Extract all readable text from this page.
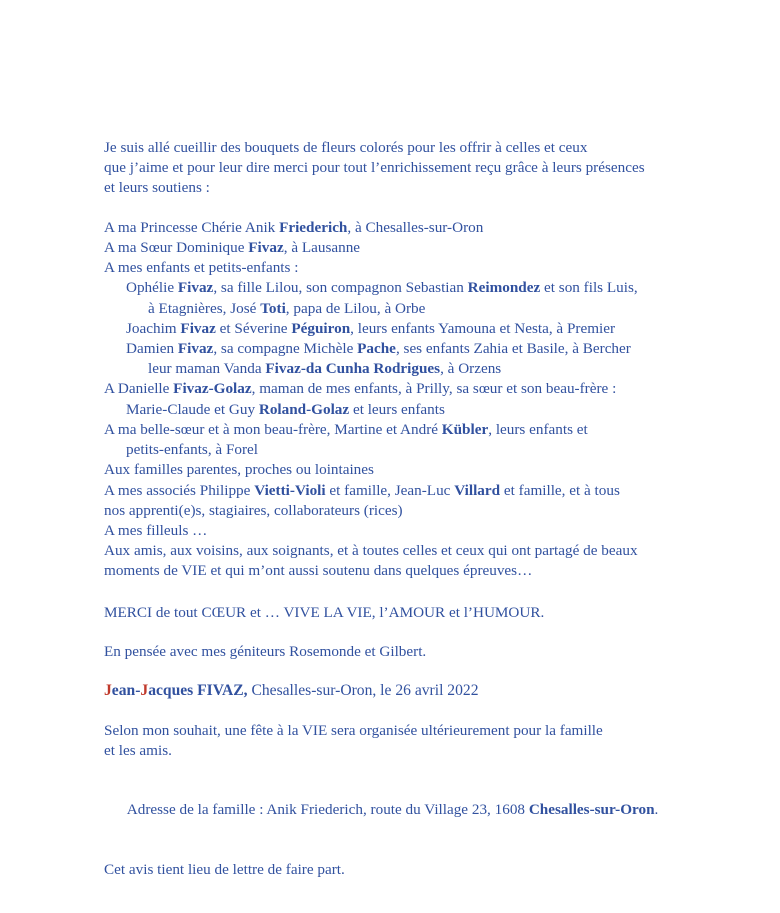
Je suis allé cueillir des bouquets de fleurs colorés pour les offrir à celles et ceux
que j’aime et pour leur dire merci pour tout l’enrichissement reçu grâce à leurs présences
et leurs soutiens :
A ma Princesse Chérie Anik Friederich, à Chesalles-sur-Oron
A ma Sœur Dominique Fivaz, à Lausanne
A mes enfants et petits-enfants :
Ophélie Fivaz, sa fille Lilou, son compagnon Sebastian Reimondez et son fils Luis,
à Etagnières, José Toti, papa de Lilou, à Orbe
Joachim Fivaz et Séverine Péguiron, leurs enfants Yamouna et Nesta, à Premier
Damien Fivaz, sa compagne Michèle Pache, ses enfants Zahia et Basile, à Bercher
leur maman Vanda Fivaz-da Cunha Rodrigues, à Orzens
A Danielle Fivaz-Golaz, maman de mes enfants, à Prilly, sa sœur et son beau-frère :
Marie-Claude et Guy Roland-Golaz et leurs enfants
A ma belle-sœur et à mon beau-frère, Martine et André Kübler, leurs enfants et
petits-enfants, à Forel
Aux familles parentes, proches ou lointaines
A mes associés Philippe Vietti-Violi et famille, Jean-Luc Villard et famille, et à tous
nos apprenti(e)s, stagiaires, collaborateurs (rices)
A mes filleuls …
Aux amis, aux voisins, aux soignants, et à toutes celles et ceux qui ont partagé de beaux
moments de VIE et qui m’ont aussi soutenu dans quelques épreuves…
MERCI de tout CŒUR et … VIVE LA VIE, l’AMOUR et l’HUMOUR.
En pensée avec mes géniteurs Rosemonde et Gilbert.
Jean-Jacques FIVAZ, Chesalles-sur-Oron, le 26 avril 2022
Selon mon souhait, une fête à la VIE sera organisée ultérieurement pour la famille
et les amis.

Adresse de la famille : Anik Friederich, route du Village 23, 1608 Chesalles-sur-Oron.

Cet avis tient lieu de lettre de faire part.
